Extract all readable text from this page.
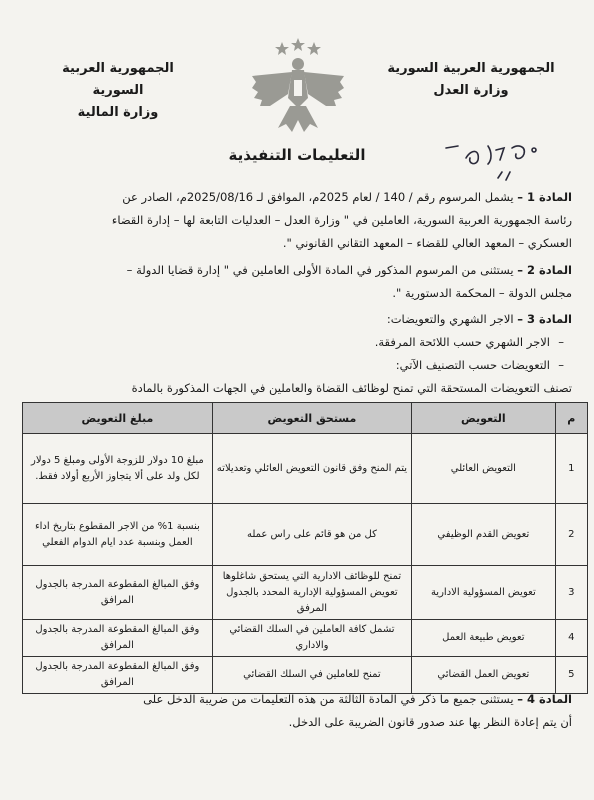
الجمهورية العربية السورية
وزارة العدل
الجمهورية العربية السورية
وزارة المالية
التعليمات التنفيذية
المادة 1 – يشمل المرسوم رقم / 140 / لعام 2025م، الموافق لـ 2025/08/16م، الصادر عن
رئاسة الجمهورية العربية السورية، العاملين في " وزارة العدل – العدليات التابعة لها – إدارة القضاء
العسكري – المعهد العالي للقضاء – المعهد التقاني القانوني ".
المادة 2 – يستثنى من المرسوم المذكور في المادة الأولى العاملين في " إدارة قضايا الدولة –
مجلس الدولة – المحكمة الدستورية ".
المادة 3 – الاجر الشهري والتعويضات:
– الاجر الشهري حسب اللائحة المرفقة.
– التعويضات حسب التصنيف الآتي:
تصنف التعويضات المستحقة التي تمنح لوظائف القضاة والعاملين في الجهات المذكورة بالمادة
م	التعويض	مستحق التعويض	مبلغ التعويض
1	التعويض العائلي	يتم المنح وفق قانون التعويض العائلي وتعديلاته	مبلغ 10 دولار للزوجة الأولى ومبلغ 5 دولار لكل ولد على ألا يتجاوز الأربع أولاد فقط.
2	تعويض القدم الوظيفي	كل من هو قائم على راس عمله	بنسبة 1% من الاجر المقطوع بتاريخ اداء العمل وبنسبة عدد ايام الدوام الفعلي
3	تعويض المسؤولية الادارية	تمنح للوظائف الادارية التي يستحق شاغلوها تعويض المسؤولية الإدارية المحدد بالجدول المرفق	وفق المبالغ المقطوعة المدرجة بالجدول المرافق
4	تعويض طبيعة العمل	تشمل كافة العاملين في السلك القضائي والاداري	وفق المبالغ المقطوعة المدرجة بالجدول المرافق
5	تعويض العمل القضائي	تمنح للعاملين في السلك القضائي	وفق المبالغ المقطوعة المدرجة بالجدول المرافق
المادة 4 – يستثنى جميع ما ذكر في المادة الثالثة من هذه التعليمات من ضريبة الدخل على
أن يتم إعادة النظر بها عند صدور قانون الضريبة على الدخل.
